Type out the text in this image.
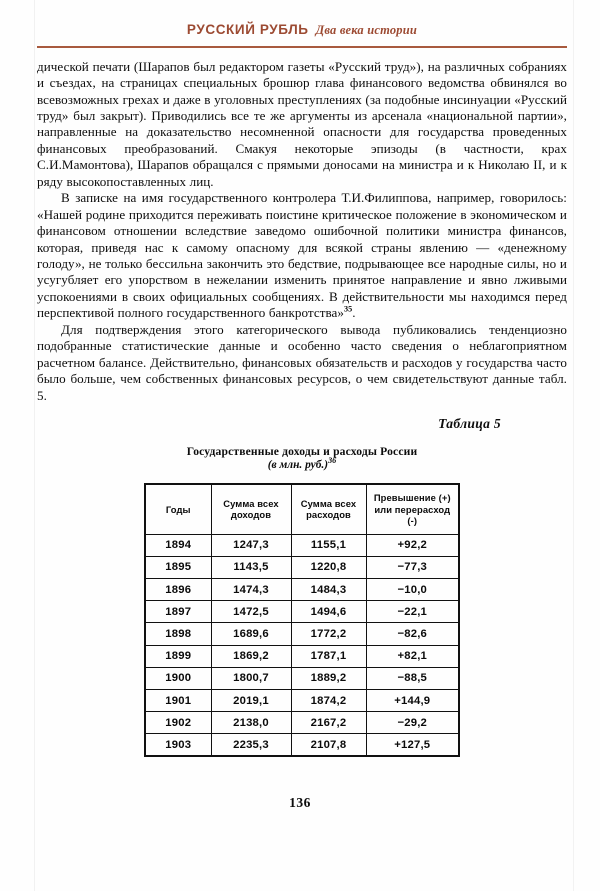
РУССКИЙ РУБЛЬ Два века истории

дической печати (Шарапов был редактором газеты «Русский труд»), на различных собраниях и съездах, на страницах специальных брошюр глава финансового ведомства обвинялся во всевозможных грехах и даже в уголовных преступлениях (за подобные инсинуации «Русский труд» был закрыт). Приводились все те же аргументы из арсенала «национальной партии», направленные на доказательство несомненной опасности для государства проведенных финансовых преобразований. Смакуя некоторые эпизоды (в частности, крах С.И.Мамонтова), Шарапов обращался с прямыми доносами на министра и к Николаю II, и к ряду высокопоставленных лиц.

В записке на имя государственного контролера Т.И.Филиппова, например, говорилось: «Нашей родине приходится переживать поистине критическое положение в экономическом и финансовом отношении вследствие заведомо ошибочной политики министра финансов, которая, приведя нас к самому опасному для всякой страны явлению — «денежному голоду», не только бессильна закончить это бедствие, подрывающее все народные силы, но и усугубляет его упорством в нежелании изменить принятое направление и явно лживыми успокоениями в своих официальных сообщениях. В действительности мы находимся перед перспективой полного государственного банкротства»$^{35}$.

Для подтверждения этого категорического вывода публиковались тенденциозно подобранные статистические данные и особенно часто сведения о неблагоприятном расчетном балансе. Действительно, финансовых обязательств и расходов у государства часто было больше, чем собственных финансовых ресурсов, о чем свидетельствуют данные табл. 5.

Таблица 5
Государственные доходы и расходы России
(в млн. руб.)$^{36}$
Годы	Сумма всех доходов	Сумма всех расходов	Превышение (+) или перерасход (-)
1894	1247,3	1155,1	+92,2
1895	1143,5	1220,8	−77,3
1896	1474,3	1484,3	−10,0
1897	1472,5	1494,6	−22,1
1898	1689,6	1772,2	−82,6
1899	1869,2	1787,1	+82,1
1900	1800,7	1889,2	−88,5
1901	2019,1	1874,2	+144,9
1902	2138,0	2167,2	−29,2
1903	2235,3	2107,8	+127,5
136
